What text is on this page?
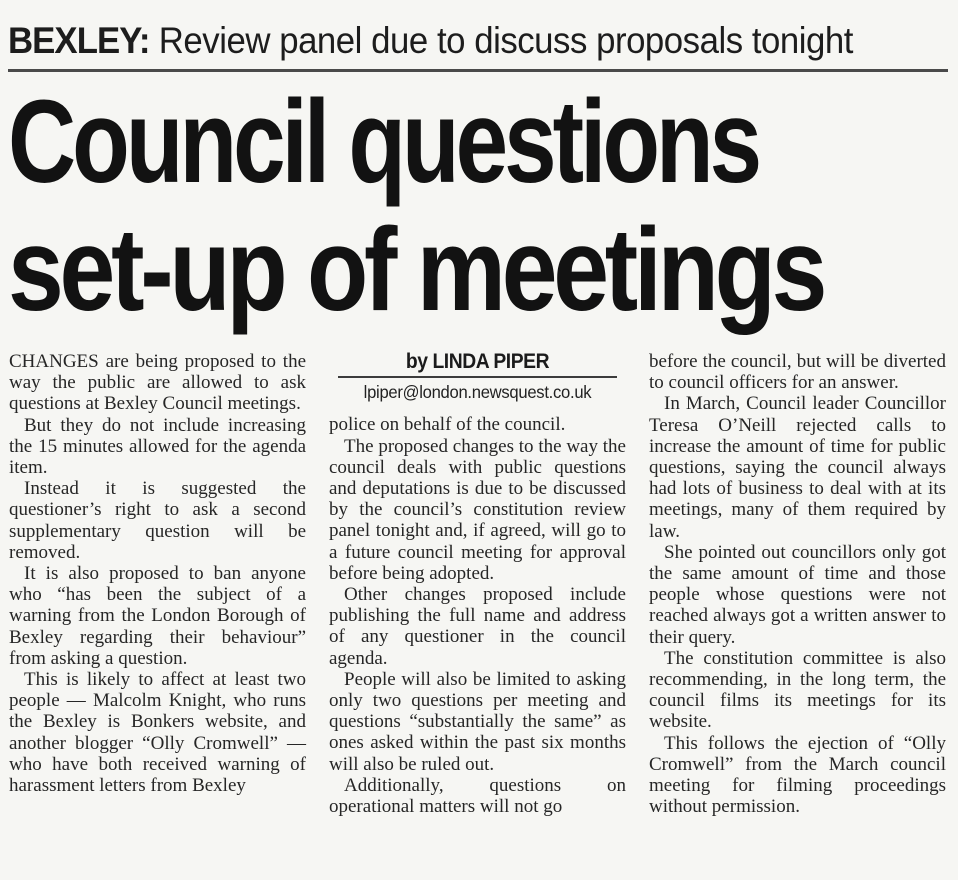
BEXLEY: Review panel due to discuss proposals tonight
Council questions
set-up of meetings

CHANGES are being proposed to the way the public are allowed to ask questions at Bexley Council meetings.

But they do not include increasing the 15 minutes allowed for the agenda item.

Instead it is suggested the questioner’s right to ask a second supplementary question will be removed.

It is also proposed to ban anyone who “has been the subject of a warning from the London Borough of Bexley regarding their behaviour” from asking a question.

This is likely to affect at least two people — Malcolm Knight, who runs the Bexley is Bonkers website, and another blogger “Olly Cromwell” — who have both received warning of harassment letters from Bexley

by LINDA PIPER
lpiper@london.newsquest.co.uk

police on behalf of the council.

The proposed changes to the way the council deals with public questions and deputations is due to be discussed by the council’s constitution review panel tonight and, if agreed, will go to a future council meeting for approval before being adopted.

Other changes proposed include publishing the full name and address of any questioner in the council agenda.

People will also be limited to asking only two questions per meeting and questions “substantially the same” as ones asked within the past six months will also be ruled out.

Additionally, questions on operational matters will not go

before the council, but will be diverted to council officers for an answer.

In March, Council leader Councillor Teresa O’Neill rejected calls to increase the amount of time for public questions, saying the council always had lots of business to deal with at its meetings, many of them required by law.

She pointed out councillors only got the same amount of time and those people whose questions were not reached always got a written answer to their query.

The constitution committee is also recommending, in the long term, the council films its meetings for its website.

This follows the ejection of “Olly Cromwell” from the March council meeting for filming proceedings without permission.
